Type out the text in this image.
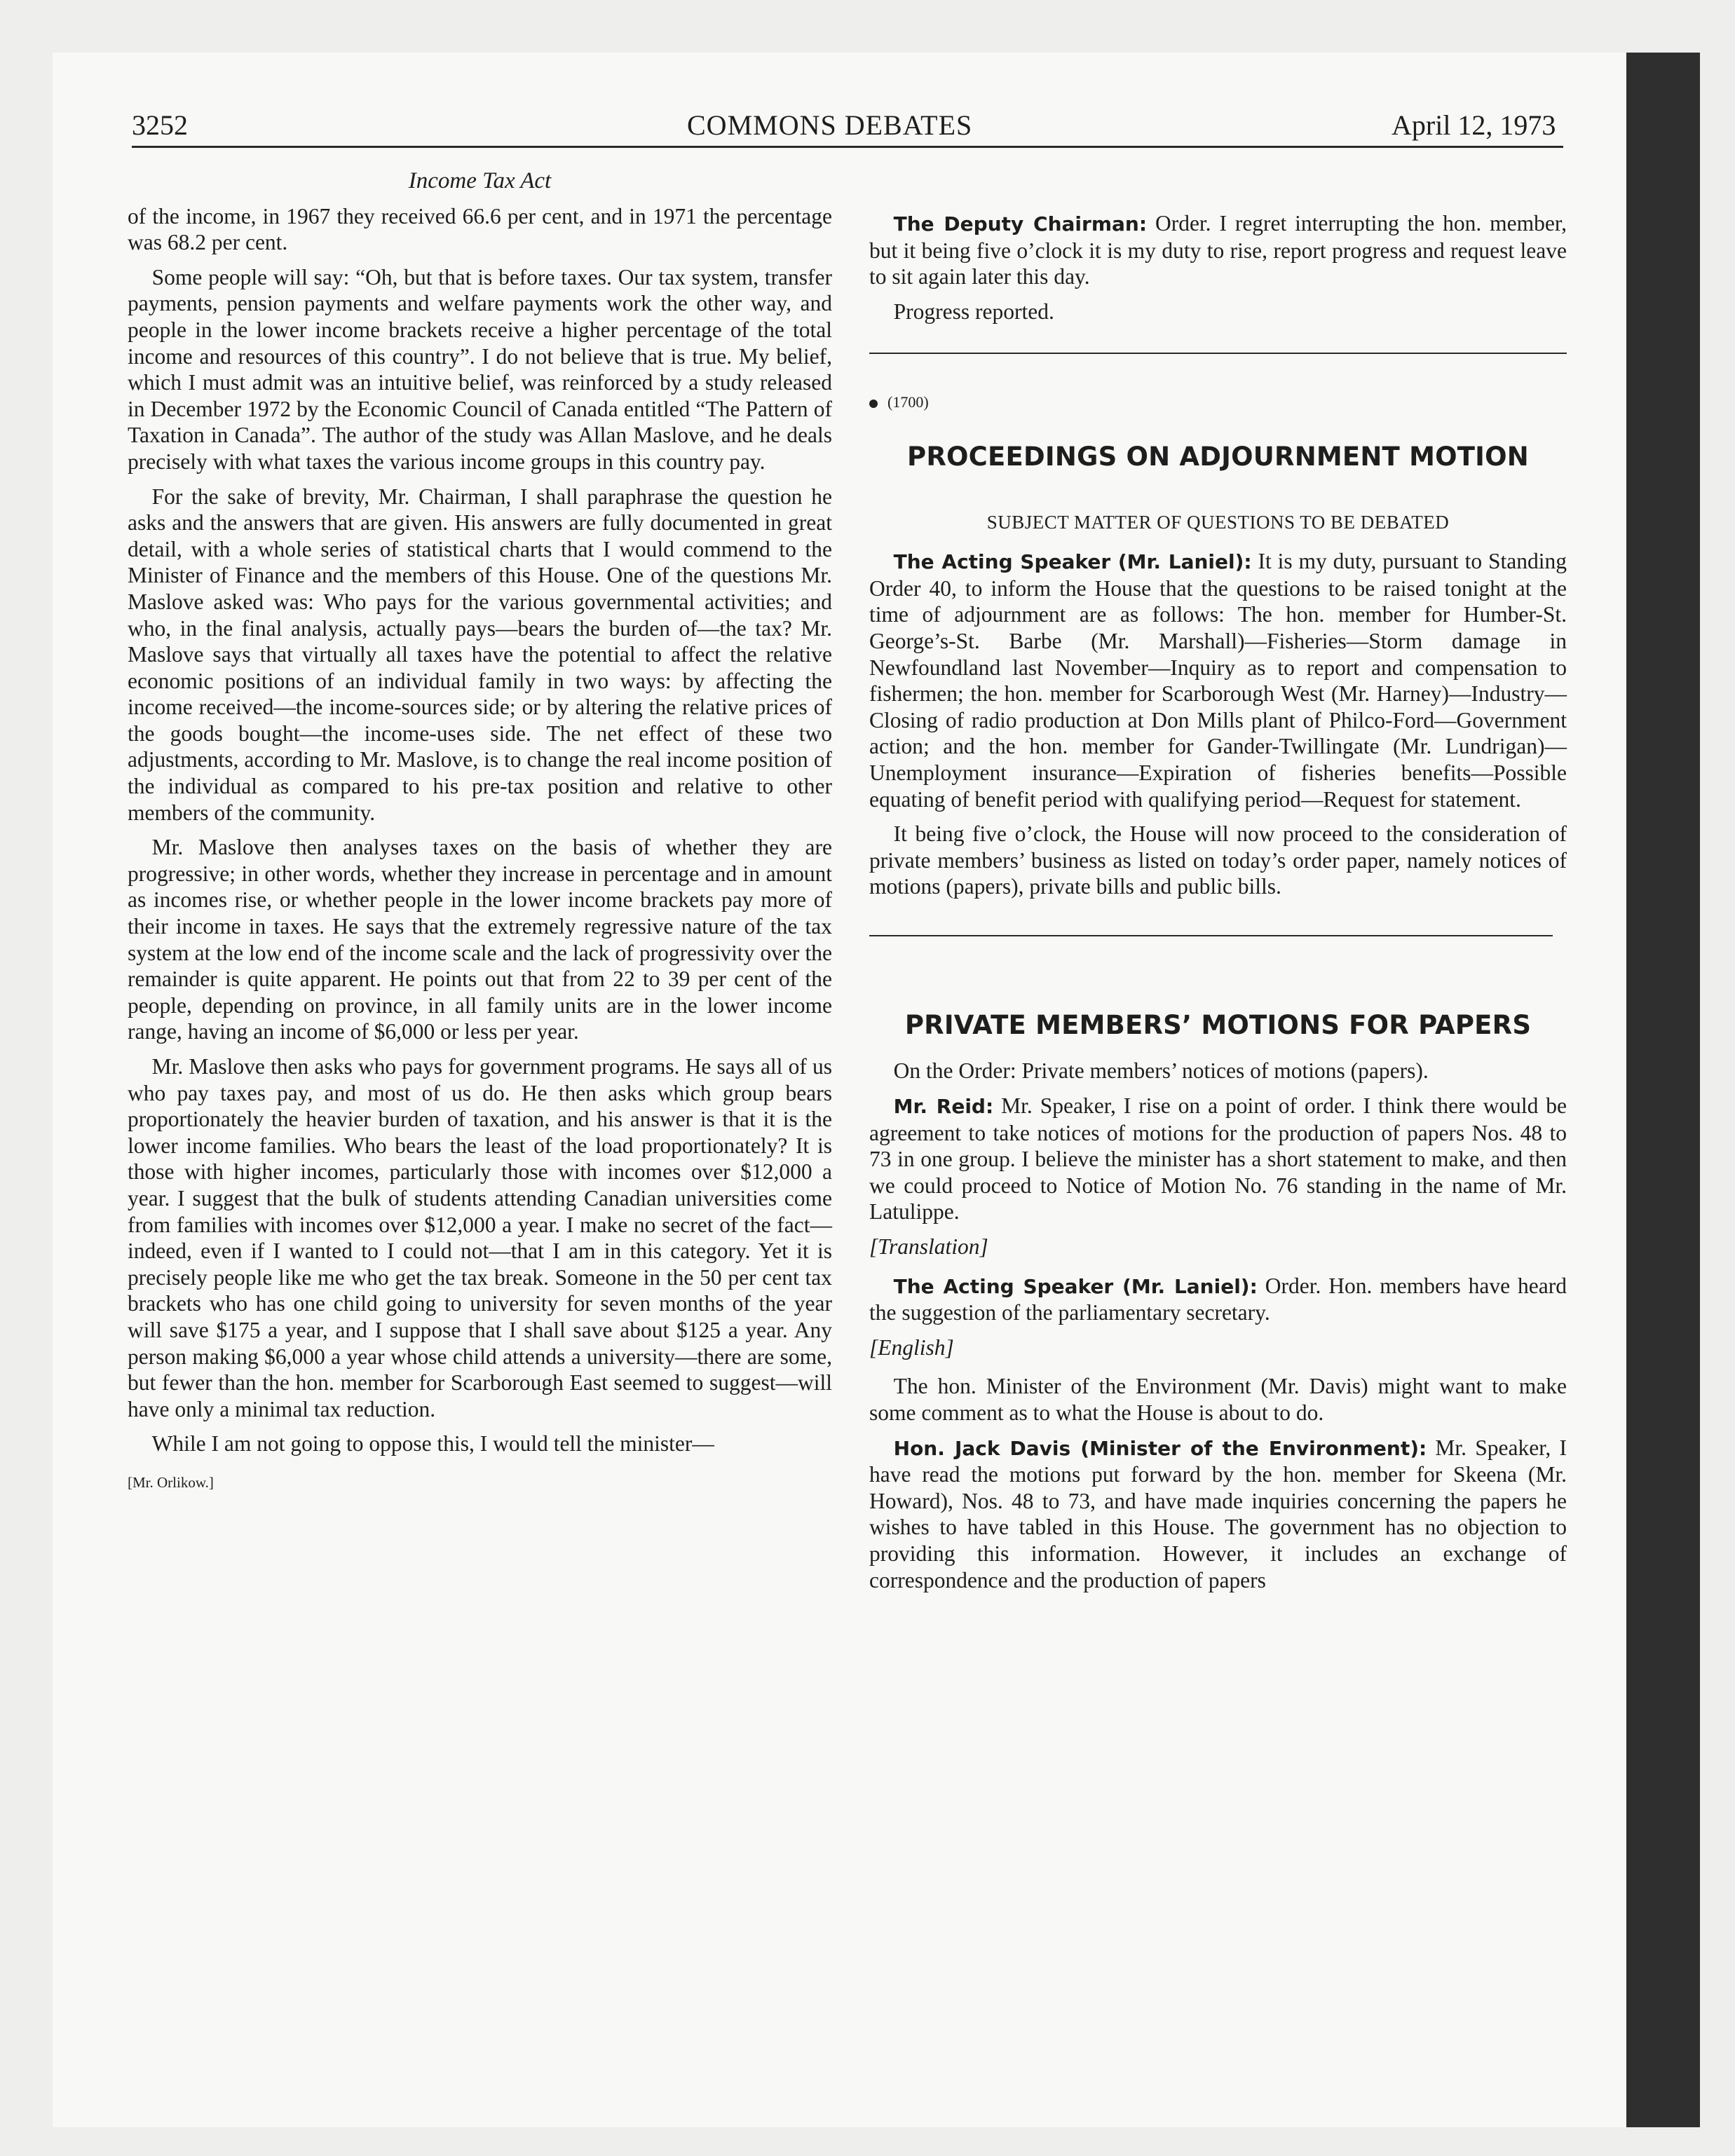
3252	COMMONS DEBATES	April 12, 1973

Income Tax Act

of the income, in 1967 they received 66.6 per cent, and in 1971 the percentage was 68.2 per cent.

Some people will say: “Oh, but that is before taxes. Our tax system, transfer payments, pension payments and welfare payments work the other way, and people in the lower income brackets receive a higher percentage of the total income and resources of this country”. I do not believe that is true. My belief, which I must admit was an intuitive belief, was reinforced by a study released in December 1972 by the Economic Council of Canada entitled “The Pattern of Taxation in Canada”. The author of the study was Allan Maslove, and he deals precisely with what taxes the various income groups in this country pay.

For the sake of brevity, Mr. Chairman, I shall paraphrase the question he asks and the answers that are given. His answers are fully documented in great detail, with a whole series of statistical charts that I would commend to the Minister of Finance and the members of this House. One of the questions Mr. Maslove asked was: Who pays for the various governmental activities; and who, in the final analysis, actually pays—bears the burden of—the tax? Mr. Maslove says that virtually all taxes have the potential to affect the relative economic positions of an individual family in two ways: by affecting the income received—the income-sources side; or by altering the relative prices of the goods bought—the income-uses side. The net effect of these two adjustments, according to Mr. Maslove, is to change the real income position of the individual as compared to his pre-tax position and relative to other members of the community.

Mr. Maslove then analyses taxes on the basis of whether they are progressive; in other words, whether they increase in percentage and in amount as incomes rise, or whether people in the lower income brackets pay more of their income in taxes. He says that the extremely regressive nature of the tax system at the low end of the income scale and the lack of progressivity over the remainder is quite apparent. He points out that from 22 to 39 per cent of the people, depending on province, in all family units are in the lower income range, having an income of $6,000 or less per year.

Mr. Maslove then asks who pays for government programs. He says all of us who pay taxes pay, and most of us do. He then asks which group bears proportionately the heavier burden of taxation, and his answer is that it is the lower income families. Who bears the least of the load proportionately? It is those with higher incomes, particularly those with incomes over $12,000 a year. I suggest that the bulk of students attending Canadian universities come from families with incomes over $12,000 a year. I make no secret of the fact—indeed, even if I wanted to I could not—that I am in this category. Yet it is precisely people like me who get the tax break. Someone in the 50 per cent tax brackets who has one child going to university for seven months of the year will save $175 a year, and I suppose that I shall save about $125 a year. Any person making $6,000 a year whose child attends a university—there are some, but fewer than the hon. member for Scarborough East seemed to suggest—will have only a minimal tax reduction.

While I am not going to oppose this, I would tell the minister—

[Mr. Orlikow.]

The Deputy Chairman: Order. I regret interrupting the hon. member, but it being five o’clock it is my duty to rise, report progress and request leave to sit again later this day.

Progress reported.

(1700)

PROCEEDINGS ON ADJOURNMENT MOTION

SUBJECT MATTER OF QUESTIONS TO BE DEBATED

The Acting Speaker (Mr. Laniel): It is my duty, pursuant to Standing Order 40, to inform the House that the questions to be raised tonight at the time of adjournment are as follows: The hon. member for Humber-St. George’s-St. Barbe (Mr. Marshall)—Fisheries—Storm damage in Newfoundland last November—Inquiry as to report and compensation to fishermen; the hon. member for Scarborough West (Mr. Harney)—Industry—Closing of radio production at Don Mills plant of Philco-Ford—Government action; and the hon. member for Gander-Twillingate (Mr. Lundrigan)—Unemployment insurance—Expiration of fisheries benefits—Possible equating of benefit period with qualifying period—Request for statement.

It being five o’clock, the House will now proceed to the consideration of private members’ business as listed on today’s order paper, namely notices of motions (papers), private bills and public bills.

PRIVATE MEMBERS’ MOTIONS FOR PAPERS

On the Order: Private members’ notices of motions (papers).

Mr. Reid: Mr. Speaker, I rise on a point of order. I think there would be agreement to take notices of motions for the production of papers Nos. 48 to 73 in one group. I believe the minister has a short statement to make, and then we could proceed to Notice of Motion No. 76 standing in the name of Mr. Latulippe.

[Translation]

The Acting Speaker (Mr. Laniel): Order. Hon. members have heard the suggestion of the parliamentary secretary.

[English]

The hon. Minister of the Environment (Mr. Davis) might want to make some comment as to what the House is about to do.

Hon. Jack Davis (Minister of the Environment): Mr. Speaker, I have read the motions put forward by the hon. member for Skeena (Mr. Howard), Nos. 48 to 73, and have made inquiries concerning the papers he wishes to have tabled in this House. The government has no objection to providing this information. However, it includes an exchange of correspondence and the production of papers
